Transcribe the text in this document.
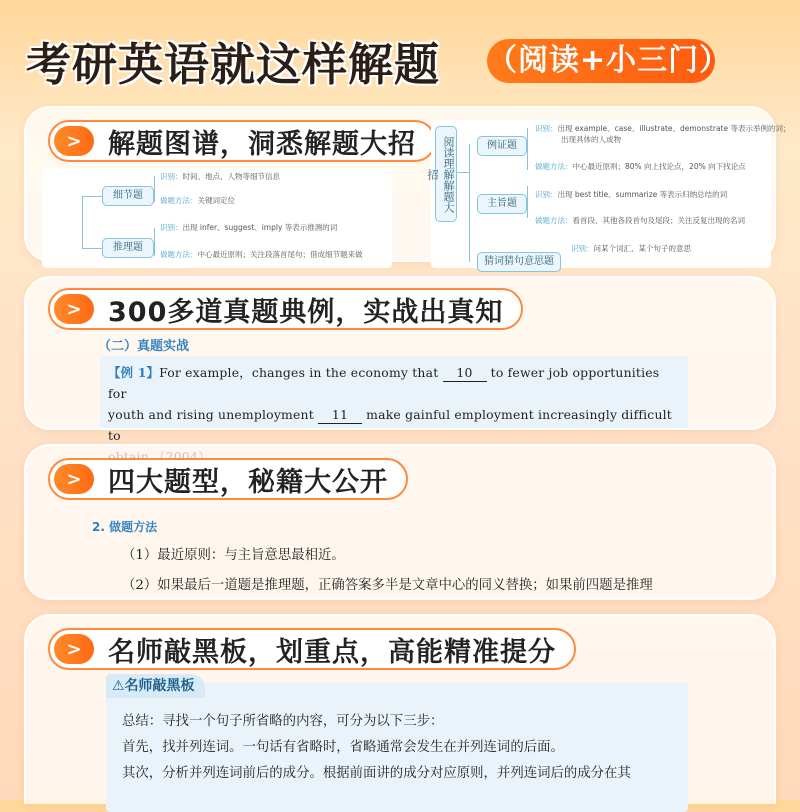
考研英语就这样解题 （阅读+小三门）
> 解题图谱，洞悉解题大招
细节题
推理题
识别：时间、地点、人物等细节信息
做题方法：关键词定位
识别：出现 infer、suggest、imply 等表示推测的词
做题方法：中心最近原则；关注段落首尾句；借成细节题来做
阅读理解解题大招
例证题
主旨题
猜词猜句意思题
识别：出现 example、case、illustrate、demonstrate 等表示举例的词；
出现具体的人或物
做题方法：中心最近原则；80% 向上找论点，20% 向下找论点
识别：出现 best title、summarize 等表示归纳总结的词
做题方法：看首段、其他各段首句及尾段；关注反复出现的名词
识别：问某个词汇、某个句子的意思
> 300多道真题典例，实战出真知
（二）真题实战
【例 1】For example，changes in the economy that 10 to fewer job opportunities for
youth and rising unemployment 11 make gainful employment increasingly difficult to
> 四大题型，秘籍大公开
2. 做题方法
（1）最近原则：与主旨意思最相近。
（2）如果最后一道题是推理题，正确答案多半是文章中心的同义替换；如果前四题是推理
> 名师敲黑板，划重点，高能精准提分
⚠名师敲黑板
总结：寻找一个句子所省略的内容，可分为以下三步：
首先，找并列连词。一句话有省略时，省略通常会发生在并列连词的后面。
其次，分析并列连词前后的成分。根据前面讲的成分对应原则，并列连词后的成分在其
